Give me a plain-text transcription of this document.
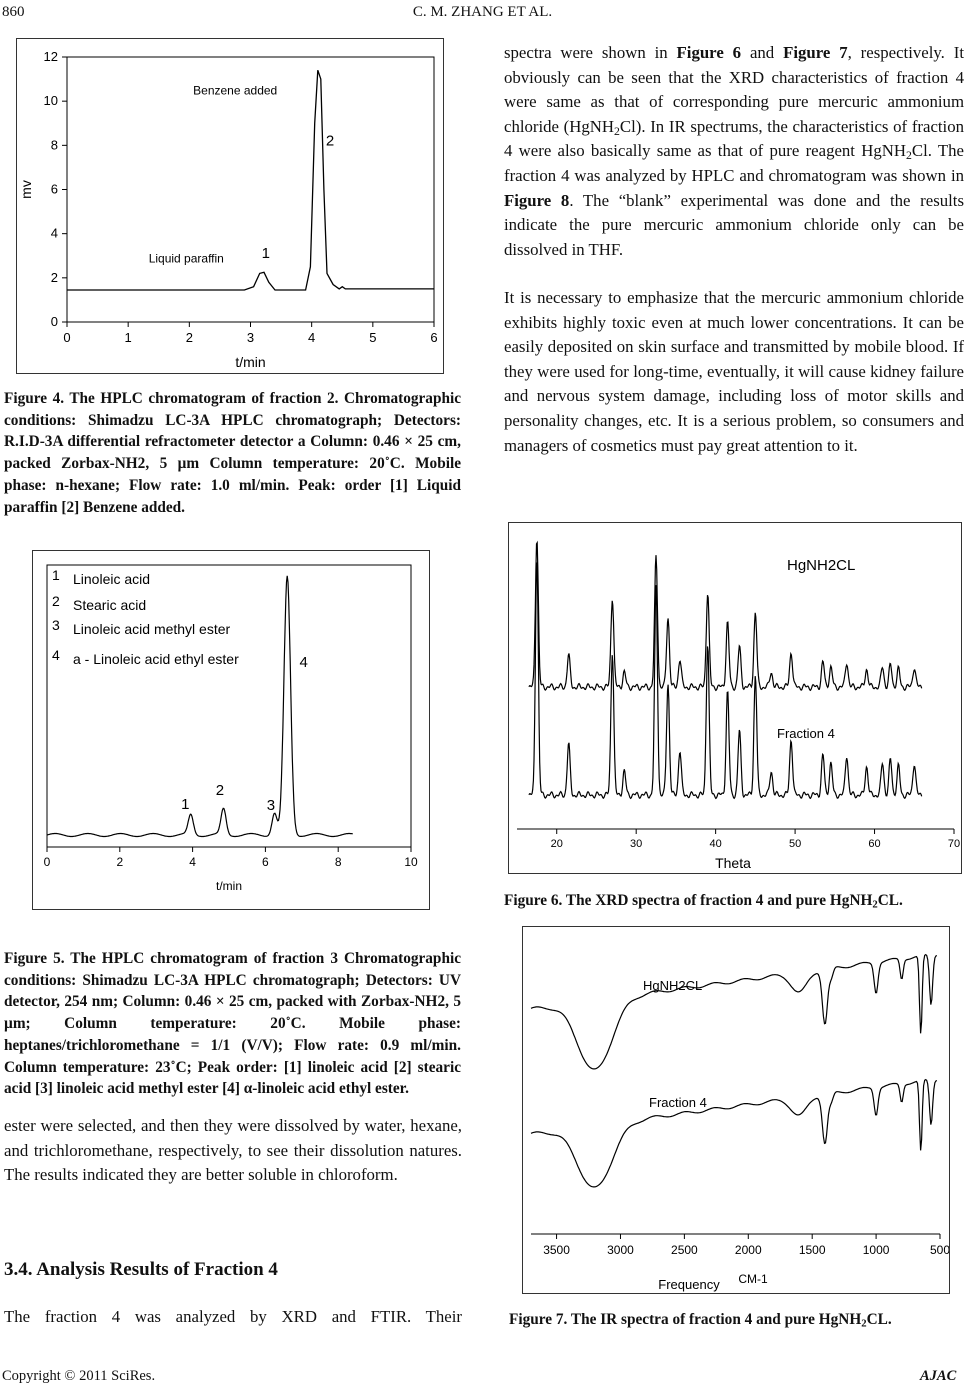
860	C. M. ZHANG ET AL.
0	1	2	3	4	5	6
0
2
4
6
8
10
12
t/min
mv
Benzene added
2
Liquid paraffin	1
Figure 4. The HPLC chromatogram of fraction 2. Chromatographic conditions: Shimadzu LC-3A HPLC chromatograph; Detectors: R.I.D-3A differential refractometer detector a Column: 0.46 × 25 cm, packed Zorbax-NH2, 5 μm Column temperature: 20˚C. Mobile phase: n-hexane; Flow rate: 1.0 ml/min. Peak: order [1] Liquid paraffin [2] Benzene added.
0	2	4	6	8	10
t/min
1 Linoleic acid
2 Stearic acid
3 Linoleic acid methyl ester
4 a - Linoleic acid ethyl ester
1
2
3
4
Figure 5. The HPLC chromatogram of fraction 3 Chromatographic conditions: Shimadzu LC-3A HPLC chromatograph; Detectors: UV detector, 254 nm; Column: 0.46 × 25 cm, packed with Zorbax-NH2, 5 µm; Column temperature: 20˚C. Mobile phase: heptanes/trichloromethane = 1/1 (V/V); Flow rate: 0.9 ml/min. Column temperature: 23˚C; Peak order: [1] linoleic acid [2] stearic acid [3] linoleic acid methyl ester [4] α-linoleic acid ethyl ester.

ester were selected, and then they were dissolved by water, hexane, and trichloromethane, respectively, to see their dissolution natures. The results indicated they are better soluble in chloroform.

3.4. Analysis Results of Fraction 4

The fraction 4 was analyzed by XRD and FTIR. Their

spectra were shown in Figure 6 and Figure 7, respectively. It obviously can be seen that the XRD characteristics of fraction 4 were same as that of corresponding pure mercuric ammonium chloride (HgNH$_2$Cl). In IR spectrums, the characteristics of fraction 4 were also basically same as that of pure reagent HgNH$_2$Cl. The fraction 4 was analyzed by HPLC and chromatogram was shown in Figure 8. The “blank” experimental was done and the results indicate the pure mercuric ammonium chloride only can be dissolved in THF.

It is necessary to emphasize that the mercuric ammonium chloride exhibits highly toxic even at much lower concentrations. It can be easily deposited on skin surface and transmitted by mobile blood. If they were used for long-time, eventually, it will cause kidney failure and nervous system damage, including loss of motor skills and personality changes, etc. It is a serious problem, so consumers and managers of cosmetics must pay great attention to it.

20	30	40	50	60	70
Theta
HgNH2CL
Fraction 4
Figure 6. The XRD spectra of fraction 4 and pure HgNH$_2$CL.
3500	3000	2500	2000	1500	1000	500
Frequency CM-1
HgNH2CL
Fraction 4
Figure 7. The IR spectra of fraction 4 and pure HgNH$_2$CL.
Copyright © 2011 SciRes.	AJAC
